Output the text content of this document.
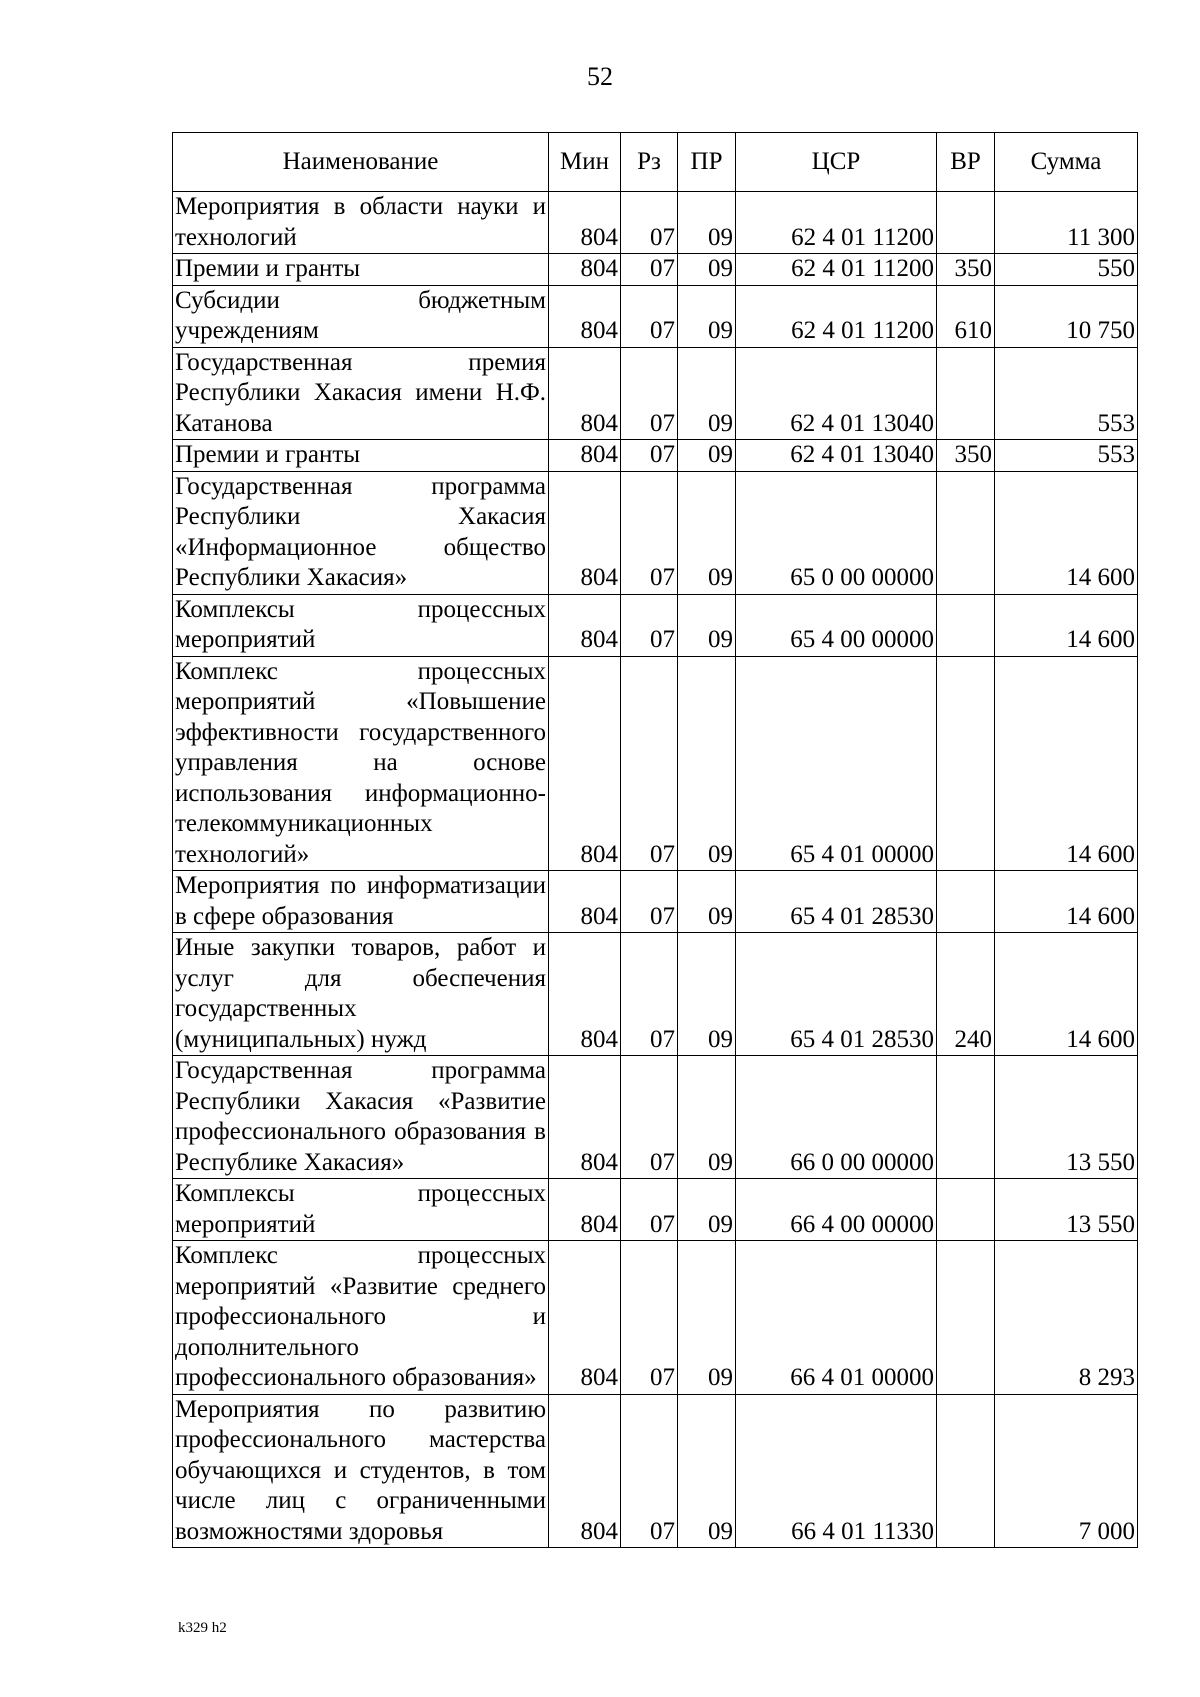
52
Наименование	Мин	Рз	ПР	ЦСР	ВР	Сумма
Мероприятия в области науки и технологий	804	07	09	62 4 01 11200		11 300
Премии и гранты	804	07	09	62 4 01 11200	350	550
Субсидии бюджетным учреждениям	804	07	09	62 4 01 11200	610	10 750
Государственная премия Республики Хакасия имени Н.Ф. Катанова	804	07	09	62 4 01 13040		553
Премии и гранты	804	07	09	62 4 01 13040	350	553
Государственная программа Республики Хакасия «Информационное общество Республики Хакасия»	804	07	09	65 0 00 00000		14 600
Комплексы процессных мероприятий	804	07	09	65 4 00 00000		14 600
Комплекс процессных мероприятий «Повышение эффективности государственного управления на основе использования информационно-телекоммуникационных технологий»	804	07	09	65 4 01 00000		14 600
Мероприятия по информатизации в сфере образования	804	07	09	65 4 01 28530		14 600
Иные закупки товаров, работ и услуг для обеспечения государственных (муниципальных) нужд	804	07	09	65 4 01 28530	240	14 600
Государственная программа Республики Хакасия «Развитие профессионального образования в Республике Хакасия»	804	07	09	66 0 00 00000		13 550
Комплексы процессных мероприятий	804	07	09	66 4 00 00000		13 550
Комплекс процессных мероприятий «Развитие среднего профессионального и дополнительного профессионального образования»	804	07	09	66 4 01 00000		8 293
Мероприятия по развитию профессионального мастерства обучающихся и студентов, в том числе лиц с ограниченными возможностями здоровья	804	07	09	66 4 01 11330		7 000
k329 h2
